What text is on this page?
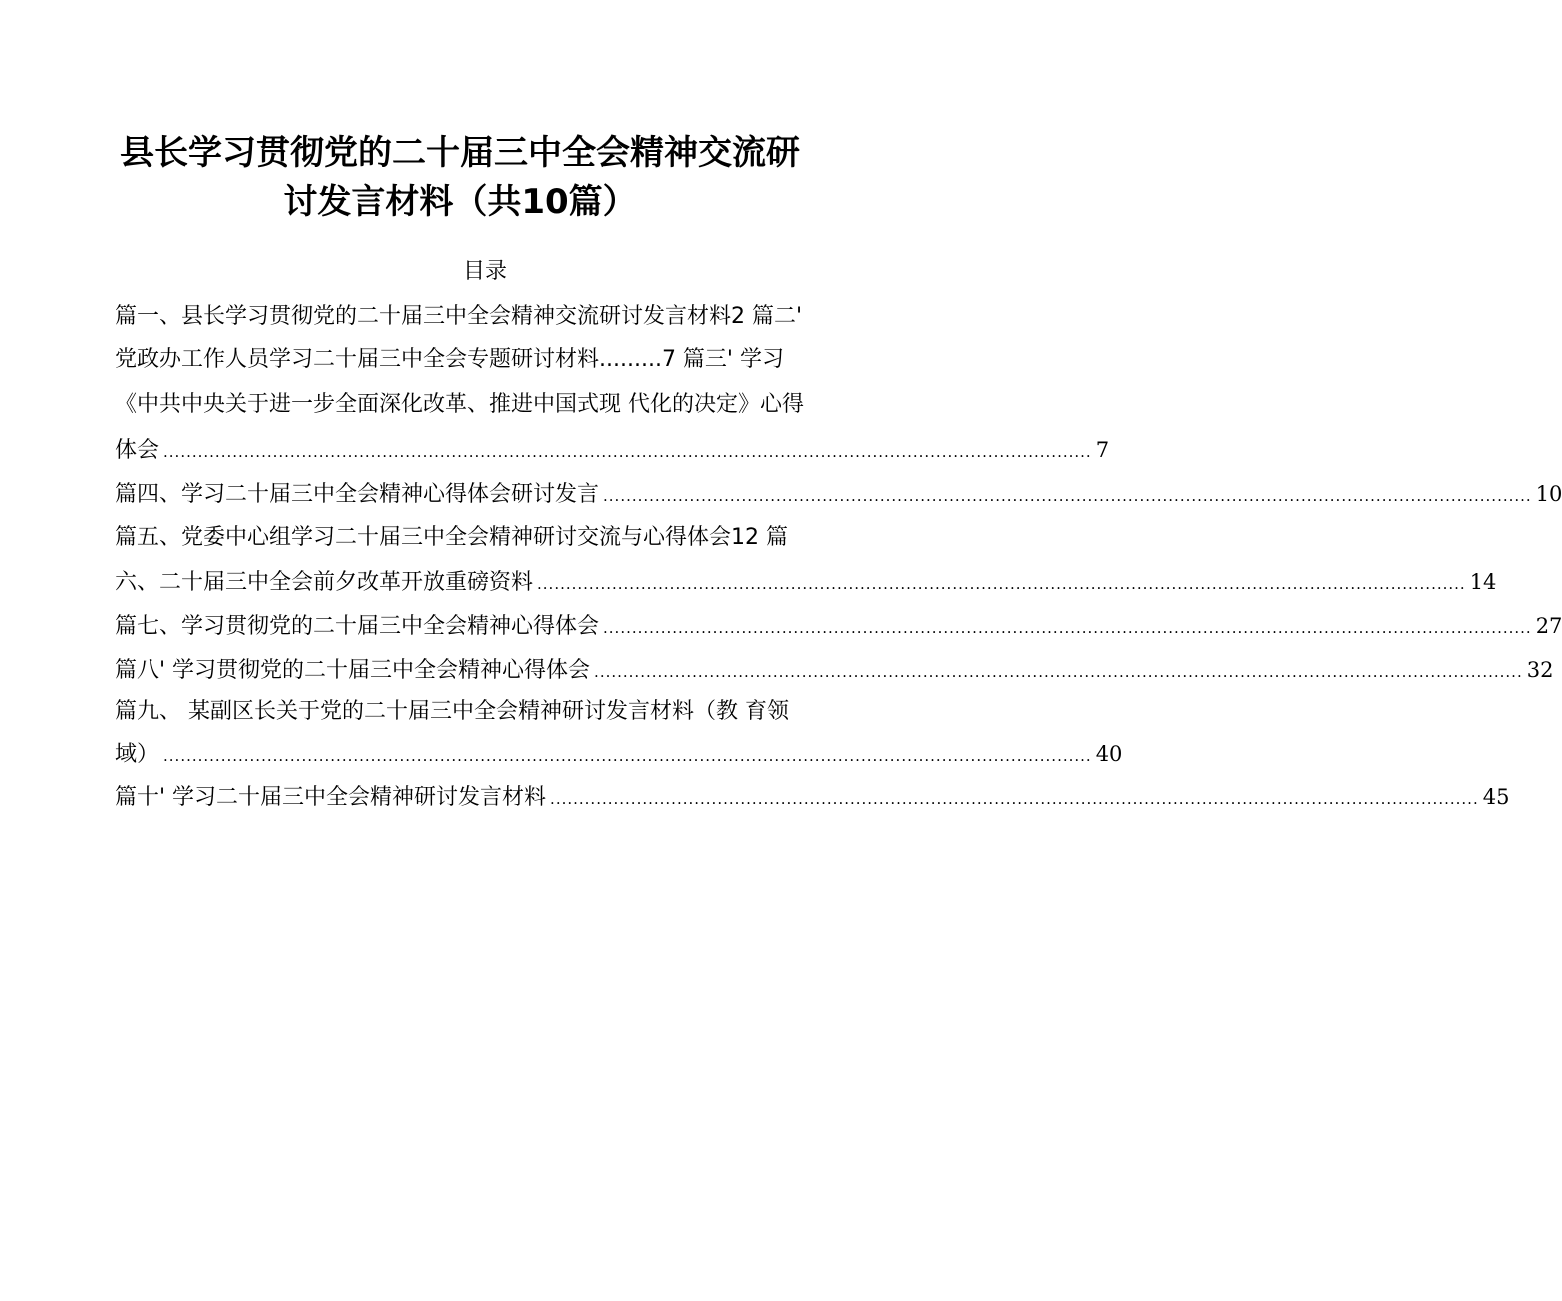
县长学习贯彻党的二十届三中全会精神交流研
讨发言材料（共10篇）
目录
篇一、县长学习贯彻党的二十届三中全会精神交流研讨发言材料2 篇二'
党政办工作人员学习二十届三中全会专题研讨材料.........7 篇三' 学习
《中共中央关于进一步全面深化改革、推进中国式现 代化的决定》心得
体会 ................................................................................................................................................................. 7
篇四、学习二十届三中全会精神心得体会研讨发言 ................................................................................................................................................................. 10
篇五、党委中心组学习二十届三中全会精神研讨交流与心得体会12 篇
六、二十届三中全会前夕改革开放重磅资料 ................................................................................................................................................................. 14
篇七、学习贯彻党的二十届三中全会精神心得体会 ................................................................................................................................................................. 27
篇八' 学习贯彻党的二十届三中全会精神心得体会 ................................................................................................................................................................. 32
篇九、 某副区长关于党的二十届三中全会精神研讨发言材料（教 育领
域） ................................................................................................................................................................. 40
篇十' 学习二十届三中全会精神研讨发言材料 ................................................................................................................................................................. 45
